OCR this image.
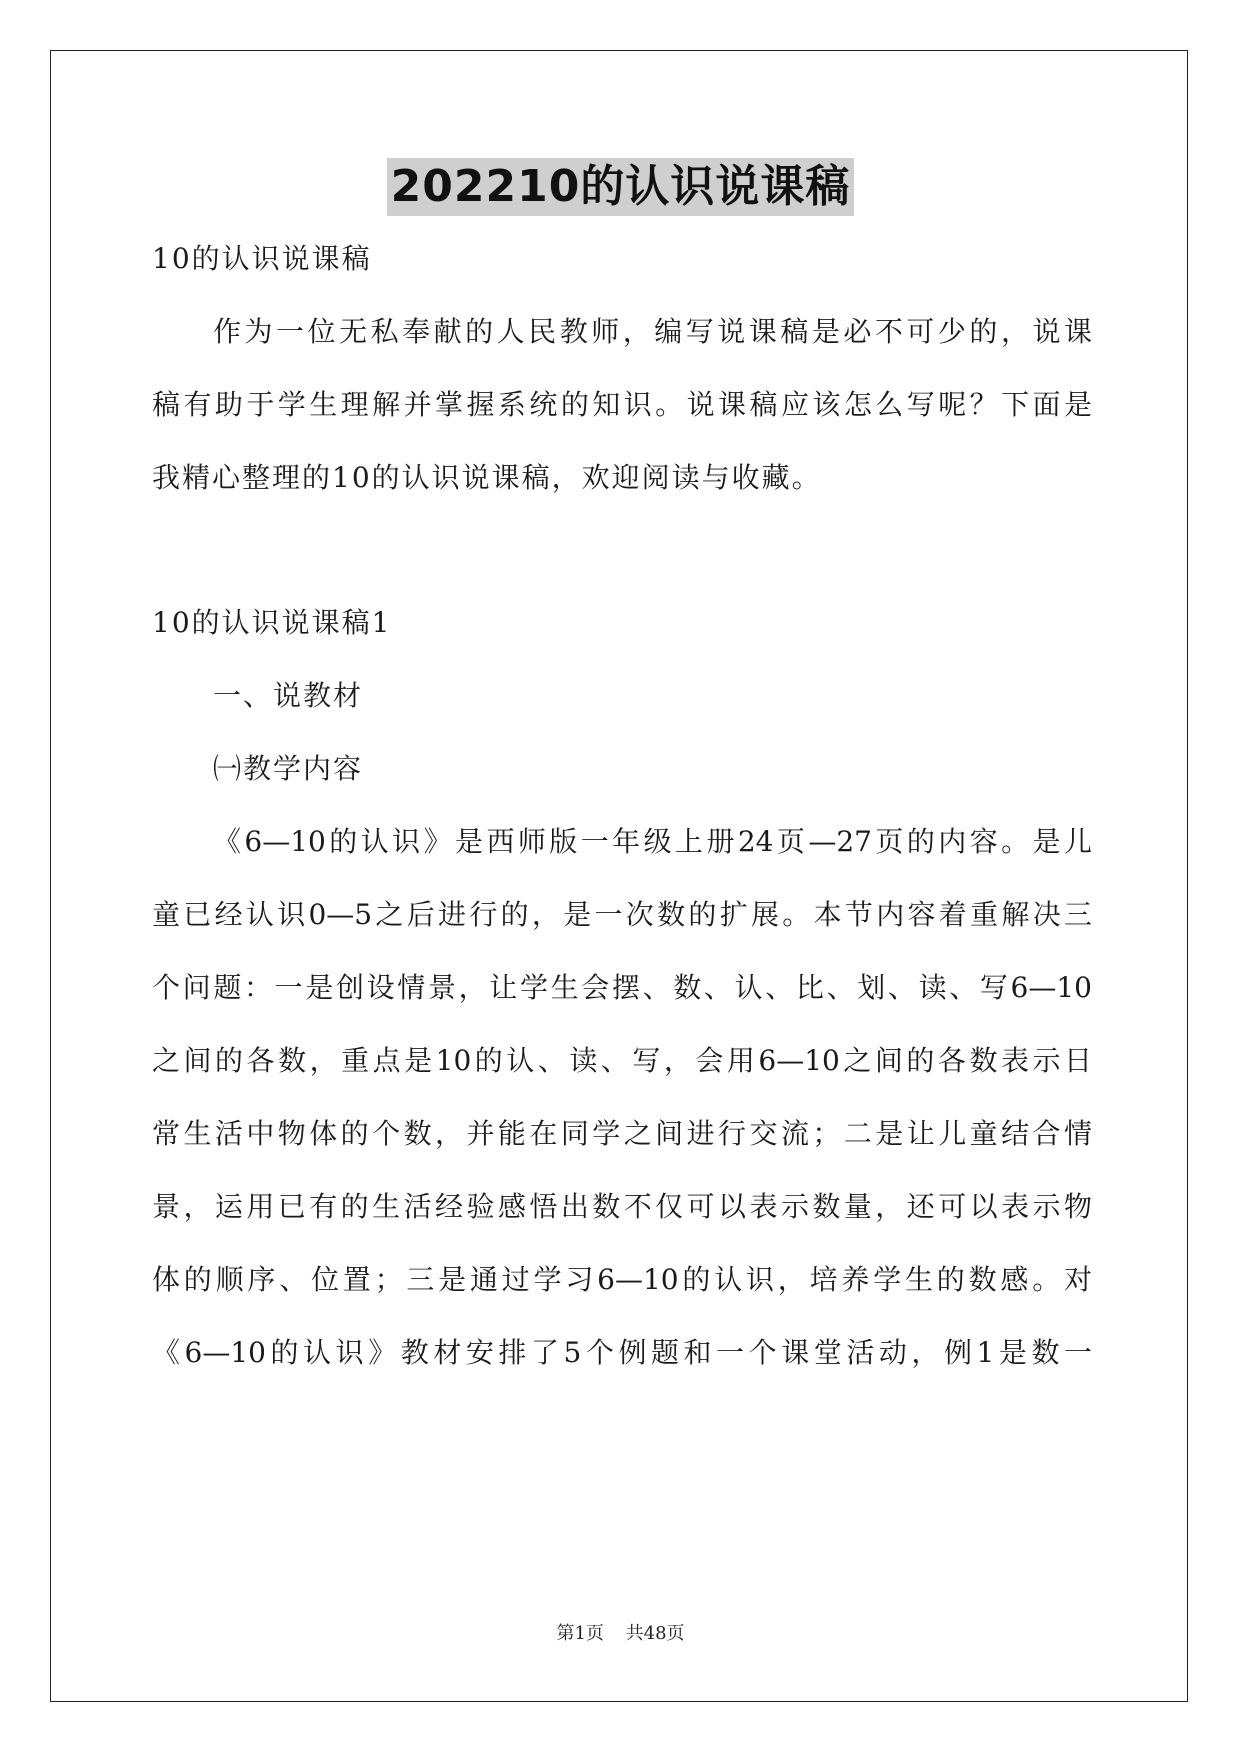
202210的认识说课稿
10的认识说课稿
作为一位无私奉献的人民教师，编写说课稿是必不可少的，说课
稿有助于学生理解并掌握系统的知识。说课稿应该怎么写呢？下面是
我精心整理的10的认识说课稿，欢迎阅读与收藏。
10的认识说课稿1
一、说教材
㈠教学内容
《6—10的认识》是西师版一年级上册24页—27页的内容。是儿
童已经认识0—5之后进行的，是一次数的扩展。本节内容着重解决三
个问题：一是创设情景，让学生会摆、数、认、比、划、读、写6—10
之间的各数，重点是10的认、读、写，会用6—10之间的各数表示日
常生活中物体的个数，并能在同学之间进行交流；二是让儿童结合情
景，运用已有的生活经验感悟出数不仅可以表示数量，还可以表示物
体的顺序、位置；三是通过学习6—10的认识，培养学生的数感。对
《6—10的认识》教材安排了5个例题和一个课堂活动，例1是数一
第1页 共48页
